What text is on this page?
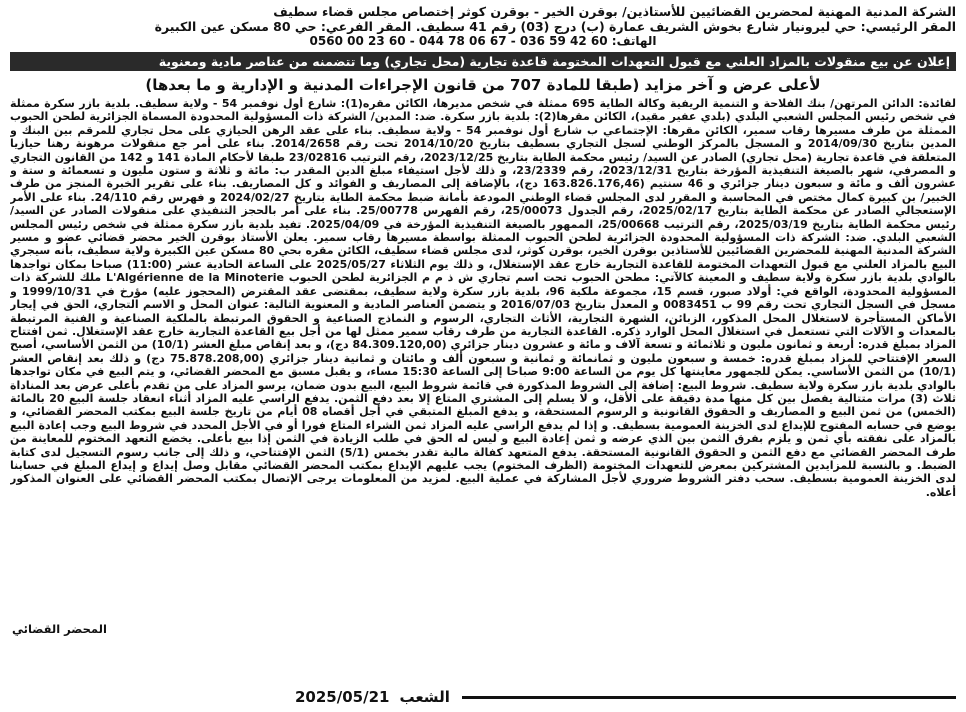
الشركة المدنية المهنية لمحضرين القضائيين للأستاذين/ بوقرن الخير - بوقرن كوثر إختصاص مجلس قضاء سطيف
المقر الرئيسي: حي ليرونيار شارع بخوش الشريف عمارة (ب) درج (03) رقم 41 سطيف. المقر الفرعي: حي 80 مسكن عين الكبيرة
الهاتف: 0560 00 23 60 - 044 78 06 67 - 036 59 42 60
إعلان عن بيع منقولات بالمزاد العلني مع قبول التعهدات المختومة قاعدة تجارية (محل تجاري) وما تتضمنه من عناصر مادية ومعنوية
لأعلى عرض و آخر مزايد (طبقا للمادة 707 من قانون الإجراءات المدنية و الإدارية و ما بعدها)

لفائدة: الدائن المرتهن/ بنك الفلاحة و التنمية الريفية وكالة الطاية 695 ممثلة في شخص مديرها، الكائن مقره(1): شارع أول نوفمبر 54 - ولاية سطيف. بلدية بازر سكرة ممثلة في شخص رئيس المجلس الشعبي البلدي (بلدي عفير مقيد)، الكائن مقرها(2): بلدية بازر سكرة. ضد: المدين/ الشركة ذات المسؤولية المحدودة المسماة الجزائرية لطحن الحبوب الممثلة من طرف مسيرها رقاب سمير، الكائن مقرها: الإجتماعي ب شارع أول نوفمبر 54 - ولاية سطيف. بناء على عقد الرهن الحيازي على محل تجاري للمرقم بين البنك و المدين بتاريخ 2014/09/30 و المسجل بالمركز الوطني لسجل التجاري بسطيف بتاريخ 2014/10/20 تحت رقم 2014/2658. بناء على أمر جع منقولات مرهونة رهنا حيازيا المتعلقة في قاعدة تجارية (محل تجاري) الصادر عن السيد/ رئيس محكمة الطاية بتاريخ 2023/12/25، رقم الترتيب 23/02816 طبقا لأحكام المادة 141 و 142 من القانون التجاري و المصرفي، شهر بالصيغة التنفيذية المؤرخة بتاريخ 2023/12/31، رقم 23/2339، و ذلك لأجل استيفاء مبلغ الدين المقدر ب: مائة و ثلاثة و ستون مليون و تسعمائة و ستة و عشرون ألف و مائة و سبعون دينار جزائري و 46 سنتيم (163.826.176,46 دج)، بالإضافة إلى المصاريف و الفوائد و كل المصاريف. بناء على تقرير الخبرة المنجز من طرف الخبير/ بن كبيرة كمال مختص في المحاسبة و المقرر لدى المجلس قضاء الوطني المودعة بأمانة ضبط محكمة الطاية بتاريخ 2024/02/27 و فهرس رقم 24/110. بناء على الأمر الإستعجالي الصادر عن محكمة الطاية بتاريخ 2025/02/17، رقم الجدول 25/00073، رقم الفهرس 25/00778. بناء على أمر بالحجز التنفيذي على منقولات الصادر عن السيد/ رئيس محكمة الطاية بتاريخ 2025/03/19، رقم الترتيب 25/00668، الممهور بالصيغة التنفيذية المؤرخة في 2025/04/09. تفيد بلدية بازر سكرة ممثلة في شخص رئيس المجلس الشعبي البلدي. ضد: الشركة ذات المسؤولية المحدودة الجزائرية لطحن الحبوب الممثلة بواسطة مسيرها رقاب سمير. يعلن الأستاذ بوقرن الخير محضر قضائي عضو و مسير الشركة المدنية المهنية للمحضرين القضائيين للأستاذين بوقرن الخير، بوقرن كوثر، لدى مجلس قضاء سطيف، الكائن مقره بحي 80 مسكن عين الكبيرة ولاية سطيف، بأنه سيجري البيع بالمزاد العلني مع قبول التعهدات المختومة للقاعدة التجارية خارج عقد الإستغلال، و ذلك يوم الثلاثاء 2025/05/27 على الساعة الحادية عشر (11:00) صباحا بمكان تواجدها بالوادي بلدية بازر سكرة ولاية سطيف و المعينة كالآتي: مطحن الحبوب تحت اسم تجاري ش ذ م م الجزائرية لطحن الحبوب L'Algérienne de la Minoterie ملك للشركة ذات المسؤولية المحدودة، الواقع في: أولاد صبور، قسم 15، مجموعة ملكية 96، بلدية بازر سكرة ولاية سطيف، بمقتضى عقد المقترض (المحجوز عليه) مؤرخ في 1999/10/31 و مسجل في السجل التجاري تحت رقم 99 ب 0083451 و المعدل بتاريخ 2016/07/03 و يتضمن العناصر المادية و المعنوية التالية: عنوان المحل و الاسم التجاري، الحق في إيجار الأماكن المستأجرة لاستغلال المحل المذكور، الزبائن، الشهرة التجارية، الأثاث التجاري، الرسوم و النماذج الصناعية و الحقوق المرتبطة بالملكية الصناعية و الفنية المرتبطة بالمعدات و الآلات التي تستعمل في استغلال المحل الوارد ذكره. القاعدة التجارية من طرف رقاب سمير ممثل لها من أجل بيع القاعدة التجارية خارج عقد الإستغلال. ثمن افتتاح المزاد بمبلغ قدره: أربعة و ثمانون مليون و ثلاثمائة و تسعة آلاف و مائة و عشرون دينار جزائري (84.309.120,00 دج)، و بعد إنقاص مبلغ العشر (10/1) من الثمن الأساسي، أصبح السعر الإفتتاحي للمزاد بمبلغ قدره: خمسة و سبعون مليون و ثمانمائة و ثمانية و سبعون ألف و مائتان و ثمانية دينار جزائري (75.878.208,00 دج) و ذلك بعد إنقاص العشر (10/1) من الثمن الأساسي. يمكن للجمهور معاينتها كل يوم من الساعة 9:00 صباحا إلى الساعة 15:30 مساء، و يقبل مسبق مع المحضر القضائي، و يتم البيع في مكان تواجدها بالوادي بلدية بازر سكرة ولاية سطيف. شروط البيع: إضافة إلى الشروط المذكورة في قائمة شروط البيع، البيع بدون ضمان، يرسو المزاد على من تقدم بأعلى عرض بعد المناداة ثلاث (3) مرات متتالية يفصل بين كل منها مدة دقيقة على الأقل، و لا يسلم إلى المشتري المتاع إلا بعد دفع الثمن. يدفع الراسي عليه المزاد أثناء انعقاد جلسة البيع 20 بالمائة (الخمس) من ثمن البيع و المصاريف و الحقوق القانونية و الرسوم المستحقة، و يدفع المبلغ المتبقي في أجل أقصاه 08 أيام من تاريخ جلسة البيع بمكتب المحضر القضائي، و يوضع في حسابه المفتوح للإيداع لدى الخزينة العمومية بسطيف. و إذا لم يدفع الراسي عليه المزاد ثمن الشراء المتاع فورا أو في الأجل المحدد في شروط البيع وجب إعادة البيع بالمزاد على نفقته بأي ثمن و يلزم بفرق الثمن بين الذي عرضه و ثمن إعادة البيع و ليس له الحق في طلب الزيادة في الثمن إذا بيع بأعلى. يخضع التعهد المختوم للمعاينة من طرف المحضر القضائي مع دفع الثمن و الحقوق القانونية المستحقة. يدفع المتعهد كفالة مالية تقدر بخمس (5/1) الثمن الإفتتاحي، و ذلك إلى جانب رسوم التسجيل لدى كتابة الضبط. و بالنسبة للمزايدين المشتركين بمعرض للتعهدات المختومة (الظرف المختوم) يجب عليهم الإيداع بمكتب المحضر القضائي مقابل وصل إيداع و إيداع المبلغ في حسابنا لدى الخزينة العمومية بسطيف. سحب دفتر الشروط ضروري لأجل المشاركة في عملية البيع. لمزيد من المعلومات يرجى الإتصال بمكتب المحضر القضائي على العنوان المذكور أعلاه.

المحضر القضائي
2025/05/21 الشعب
